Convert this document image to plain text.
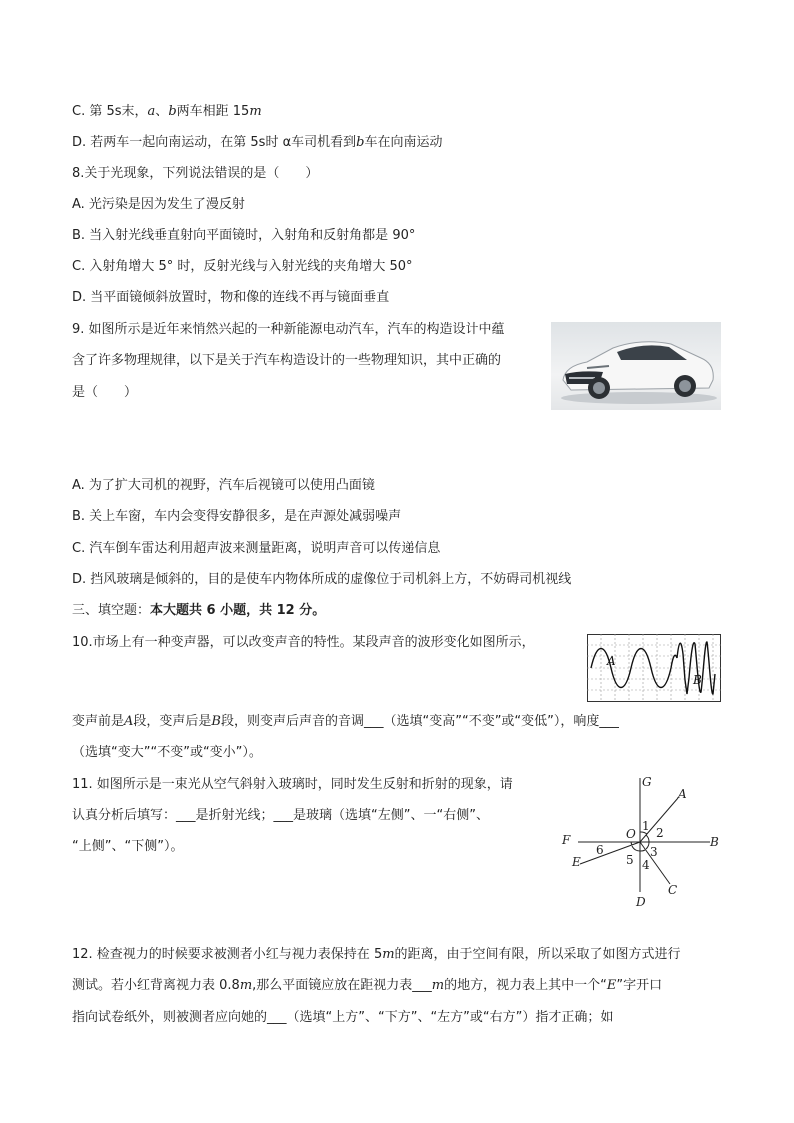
C. 第 5s末，a、b两车相距 15m
D. 若两车一起向南运动，在第 5s时 α车司机看到b车在向南运动
8.关于光现象，下列说法错误的是（　　）
A. 光污染是因为发生了漫反射
B. 当入射光线垂直射向平面镜时，入射角和反射角都是 90°
C. 入射角增大 5° 时，反射光线与入射光线的夹角增大 50°
D. 当平面镜倾斜放置时，物和像的连线不再与镜面垂直
9. 如图所示是近年来悄然兴起的一种新能源电动汽车，汽车的构造设计中蕴
含了许多物理规律，以下是关于汽车构造设计的一些物理知识，其中正确的
是（　　）
A. 为了扩大司机的视野，汽车后视镜可以使用凸面镜
B. 关上车窗，车内会变得安静很多，是在声源处减弱噪声
C. 汽车倒车雷达利用超声波来测量距离，说明声音可以传递信息
D. 挡风玻璃是倾斜的，目的是使车内物体所成的虚像位于司机斜上方，不妨碍司机视线
三、填空题：本大题共 6 小题，共 12 分。
10.市场上有一种变声器，可以改变声音的特性。某段声音的波形变化如图所示，
A
B
变声前是A段，变声后是B段，则变声后声音的音调___（选填“变高”“不变”或“变低”），响度___
（选填“变大”“不变”或“变小”）。
11. 如图所示是一束光从空气斜射入玻璃时，同时发生反射和折射的现象，请
认真分析后填写：___是折射光线；___是玻璃（选填“左侧”、一“右侧”、
“上侧”、“下侧”）。
G
A
F	O
B
E
C
D
1 2
3
4
5
6
12. 检查视力的时候要求被测者小红与视力表保持在 5m的距离，由于空间有限，所以采取了如图方式进行
测试。若小红背离视力表 0.8m,那么平面镜应放在距视力表___m的地方，视力表上其中一个“E”字开口
指向试卷纸外，则被测者应向她的___（选填“上方”、“下方”、“左方”或“右方”）指才正确；如
